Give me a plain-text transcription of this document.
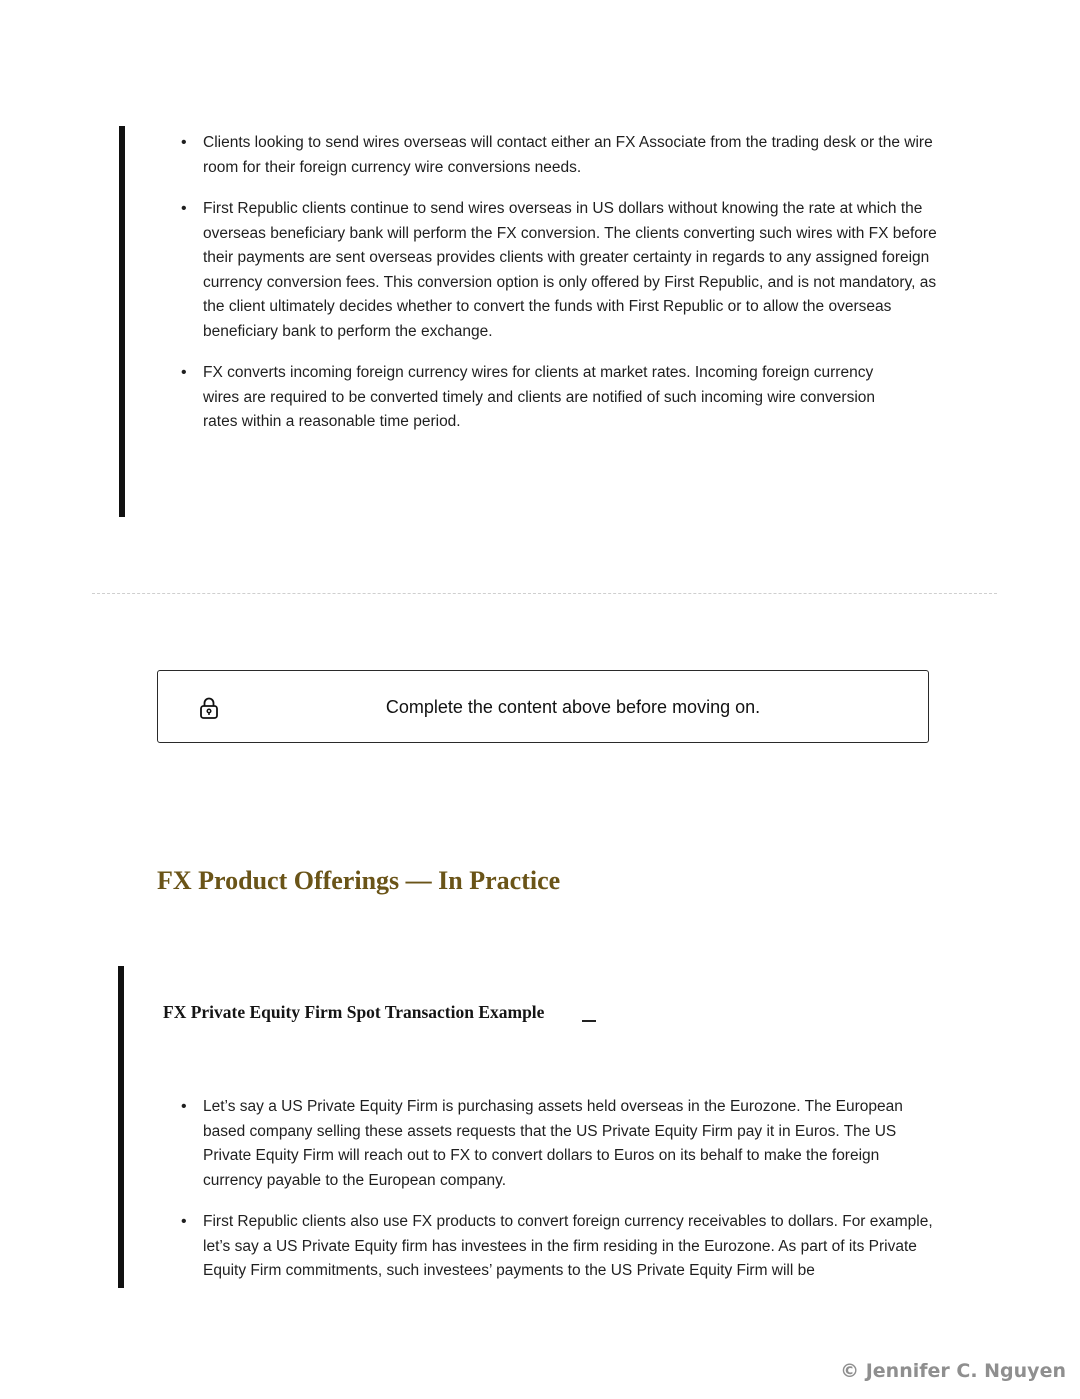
• Clients looking to send wires overseas will contact either an FX Associate from the trading desk or the wire room for their foreign currency wire conversions needs.
• First Republic clients continue to send wires overseas in US dollars without knowing the rate at which the overseas beneficiary bank will perform the FX conversion. The clients converting such wires with FX before their payments are sent overseas provides clients with greater certainty in regards to any assigned foreign currency conversion fees. This conversion option is only offered by First Republic, and is not mandatory, as the client ultimately decides whether to convert the funds with First Republic or to allow the overseas beneficiary bank to perform the exchange.
• FX converts incoming foreign currency wires for clients at market rates. Incoming foreign currency wires are required to be converted timely and clients are notified of such incoming wire conversion rates within a reasonable time period.
Complete the content above before moving on.
FX Product Offerings — In Practice
FX Private Equity Firm Spot Transaction Example
• Let’s say a US Private Equity Firm is purchasing assets held overseas in the Eurozone. The European based company selling these assets requests that the US Private Equity Firm pay it in Euros. The US Private Equity Firm will reach out to FX to convert dollars to Euros on its behalf to make the foreign currency payable to the European company.
• First Republic clients also use FX products to convert foreign currency receivables to dollars. For example, let’s say a US Private Equity firm has investees in the firm residing in the Eurozone. As part of its Private Equity Firm commitments, such investees’ payments to the US Private Equity Firm will be
© Jennifer C. Nguyen
